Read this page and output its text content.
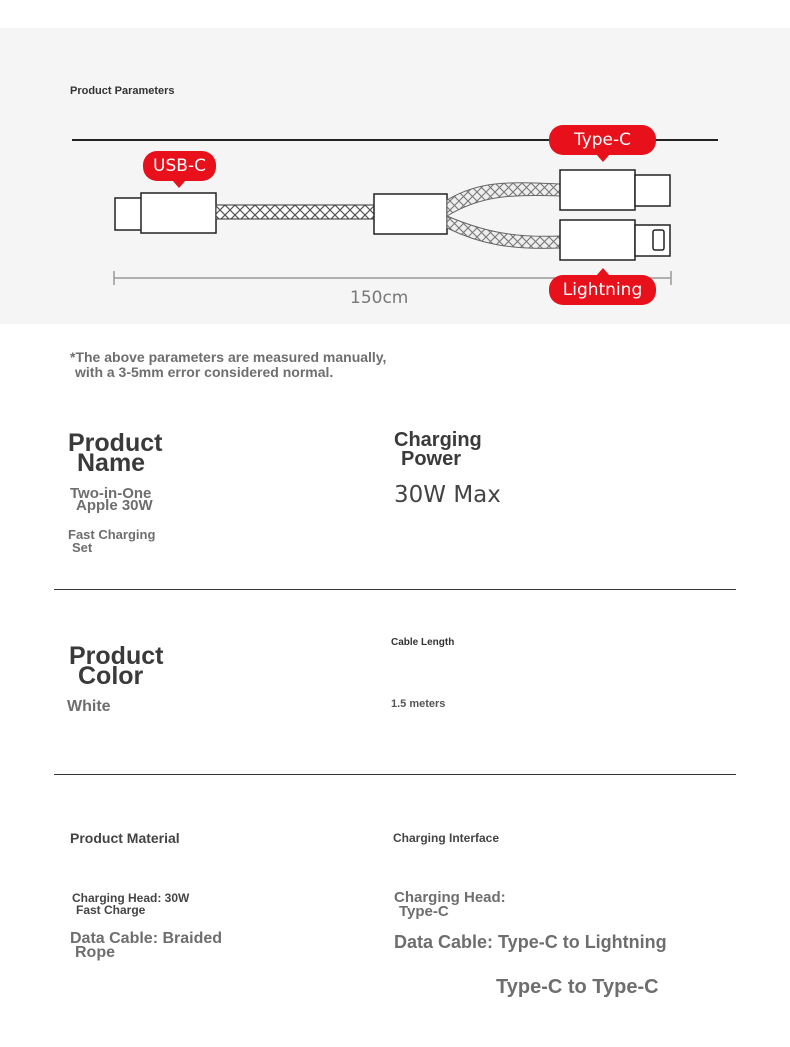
Product Parameters
150cm
USB-C
Type-C
Lightning
*The above parameters are measured manually,
with a 3-5mm error considered normal.
Product
Name
Two-in-One
Apple 30W
Fast Charging
Set
Charging
Power
30W Max
Product
Color
White
Cable Length
1.5 meters
Product Material
Charging Head: 30W
Fast Charge
Data Cable: Braided
Rope
Charging Interface
Charging Head:
Type-C
Data Cable: Type-C to Lightning
Type-C to Type-C
